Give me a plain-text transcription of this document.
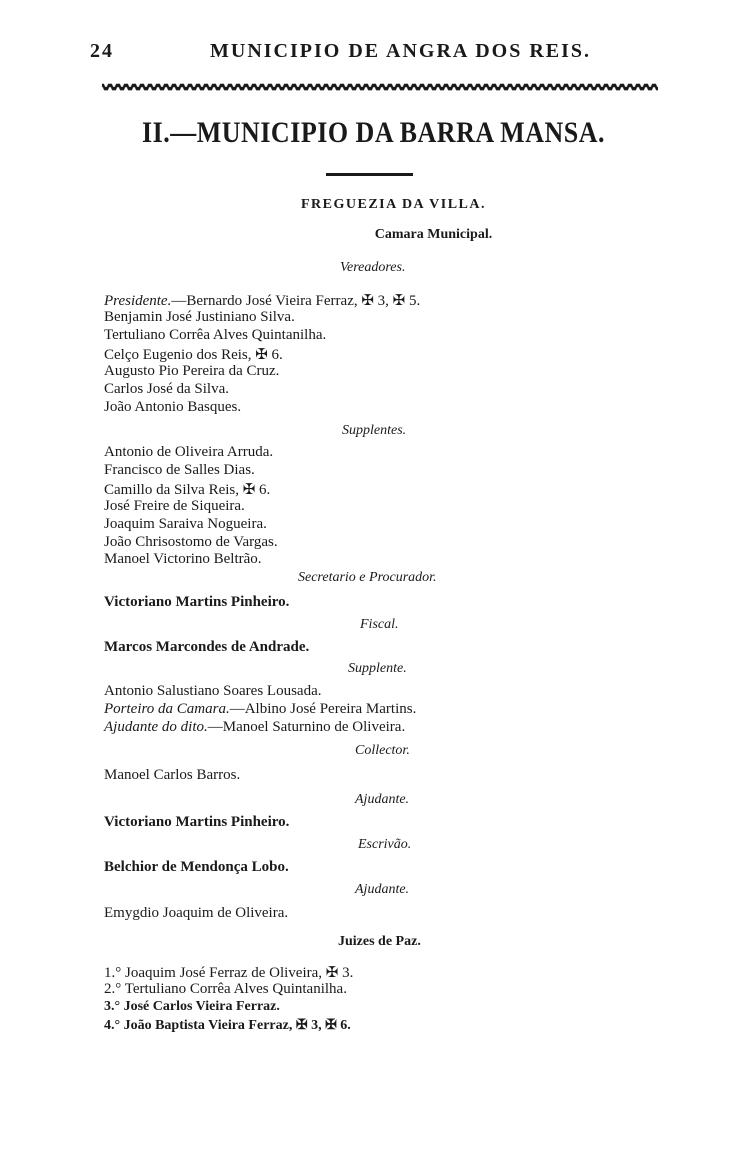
24	MUNICIPIO DE ANGRA DOS REIS.
II.—MUNICIPIO DA BARRA MANSA.
FREGUEZIA DA VILLA.
Camara Municipal.
Vereadores.
Presidente.—Bernardo José Vieira Ferraz, ✠ 3, ✠ 5.
Benjamin José Justiniano Silva.
Tertuliano Corrêa Alves Quintanilha.
Celço Eugenio dos Reis, ✠ 6.
Augusto Pio Pereira da Cruz.
Carlos José da Silva.
João Antonio Basques.
Supplentes.
Antonio de Oliveira Arruda.
Francisco de Salles Dias.
Camillo da Silva Reis, ✠ 6.
José Freire de Siqueira.
Joaquim Saraiva Nogueira.
João Chrisostomo de Vargas.
Manoel Victorino Beltrão.
Secretario e Procurador.
Victoriano Martins Pinheiro.
Fiscal.
Marcos Marcondes de Andrade.
Supplente.
Antonio Salustiano Soares Lousada.
Porteiro da Camara.—Albino José Pereira Martins.
Ajudante do dito.—Manoel Saturnino de Oliveira.
Collector.
Manoel Carlos Barros.
Ajudante.
Victoriano Martins Pinheiro.
Escrivão.
Belchior de Mendonça Lobo.
Ajudante.
Emygdio Joaquim de Oliveira.
Juizes de Paz.
1.° Joaquim José Ferraz de Oliveira, ✠ 3.
2.° Tertuliano Corrêa Alves Quintanilha.
3.° José Carlos Vieira Ferraz.
4.° João Baptista Vieira Ferraz, ✠ 3, ✠ 6.
